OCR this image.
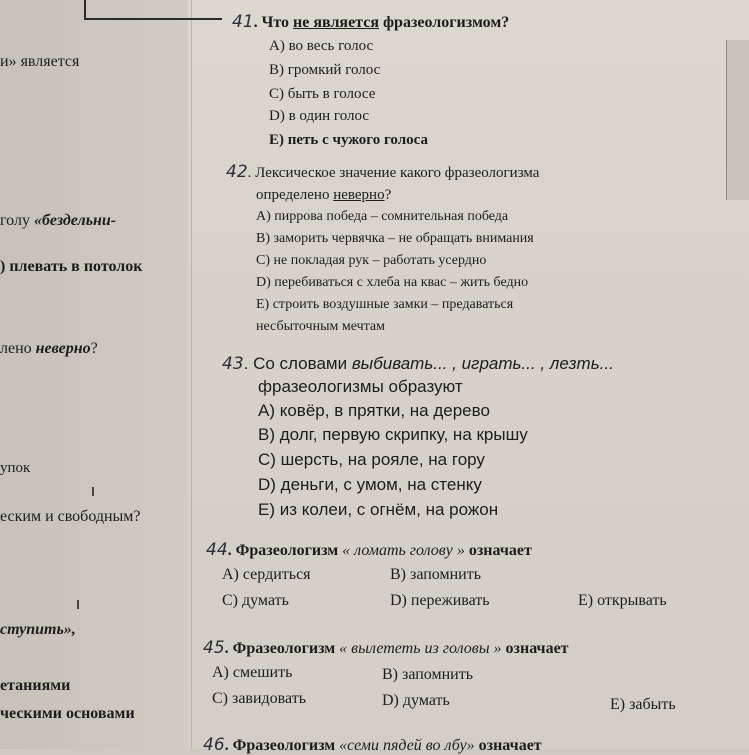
и» является
голу «бездельни-
) плевать в потолок
лено неверно?
упок
еским и свободным?
ступить»,
етаниями
ческими основами
41. Что не является фразеологизмом?
A) во весь голос
B) громкий голос
C) быть в голосе
D) в один голос
E) петь с чужого голоса
42. Лексическое значение какого фразеологизма
определено неверно?
A) пиррова победа – сомнительная победа
B) заморить червячка – не обращать внимания
C) не покладая рук – работать усердно
D) перебиваться с хлеба на квас – жить бедно
E) строить воздушные замки – предаваться
несбыточным мечтам
43. Со словами выбивать... , играть... , лезть...
фразеологизмы образуют
A) ковёр, в прятки, на дерево
B) долг, первую скрипку, на крышу
C) шерсть, на рояле, на гору
D) деньги, с умом, на стенку
E) из колеи, с огнём, на рожон
44. Фразеологизм « ломать голову » означает
A) сердиться	B) запомнить
C) думать	D) переживать	E) открывать
45. Фразеологизм « вылететь из головы » означает
A) смешить	B) запомнить
C) завидовать	D) думать	E) забыть
46. Фразеологизм «семи пядей во лбу» означает
